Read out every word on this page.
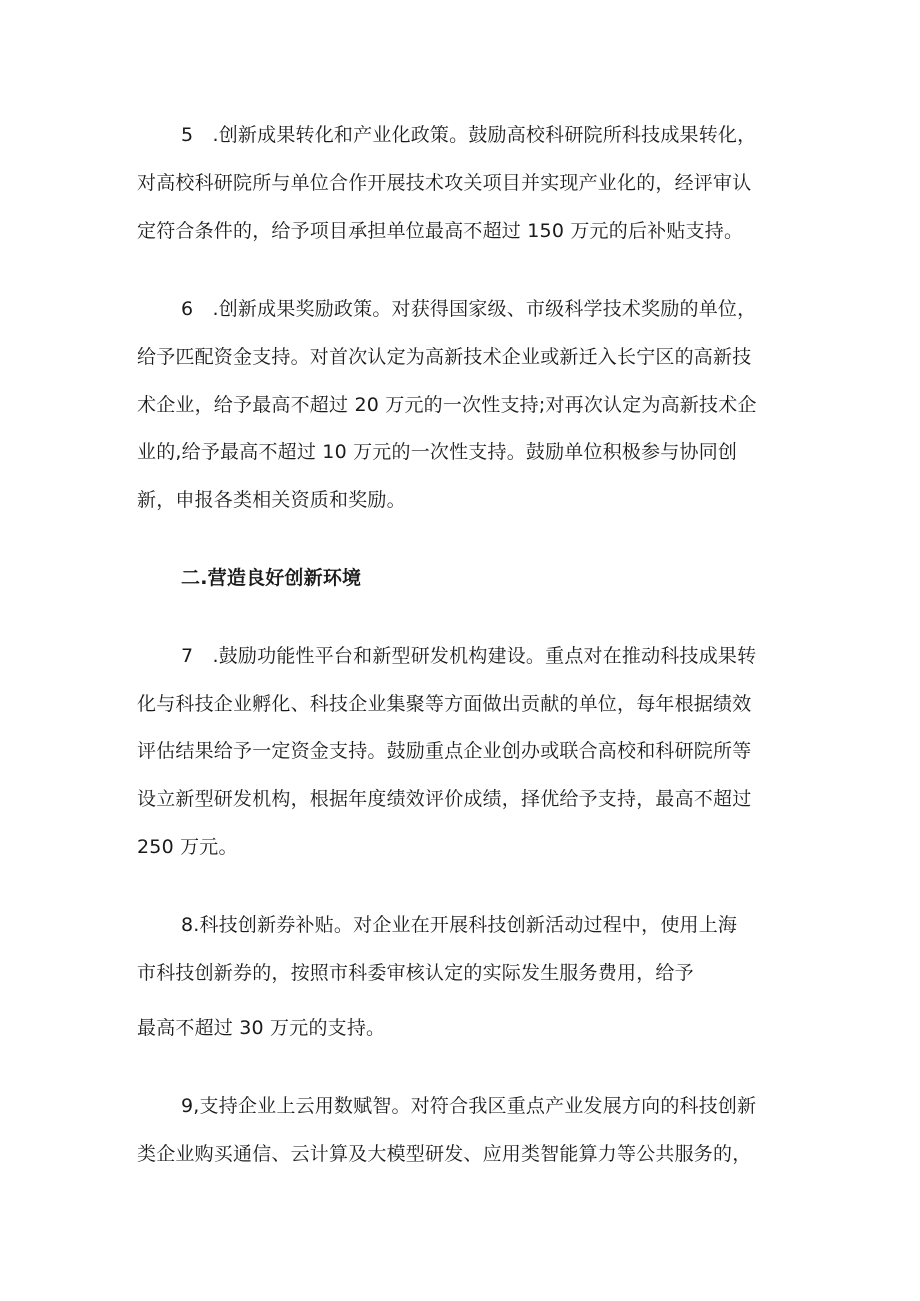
5　.创新成果转化和产业化政策。鼓励高校科研院所科技成果转化，
对高校科研院所与单位合作开展技术攻关项目并实现产业化的，经评审认
定符合条件的，给予项目承担单位最高不超过 150 万元的后补贴支持。
6　.创新成果奖励政策。对获得国家级、市级科学技术奖励的单位，
给予匹配资金支持。对首次认定为高新技术企业或新迁入长宁区的高新技
术企业，给予最高不超过 20 万元的一次性支持;对再次认定为高新技术企
业的,给予最高不超过 10 万元的一次性支持。鼓励单位积极参与协同创
新，申报各类相关资质和奖励。
二.营造良好创新环境
7　.鼓励功能性平台和新型研发机构建设。重点对在推动科技成果转
化与科技企业孵化、科技企业集聚等方面做出贡献的单位，每年根据绩效
评估结果给予一定资金支持。鼓励重点企业创办或联合高校和科研院所等
设立新型研发机构，根据年度绩效评价成绩，择优给予支持，最高不超过
250 万元。
8.科技创新券补贴。对企业在开展科技创新活动过程中，使用上海
市科技创新券的，按照市科委审核认定的实际发生服务费用，给予
最高不超过 30 万元的支持。
9,支持企业上云用数赋智。对符合我区重点产业发展方向的科技创新
类企业购买通信、云计算及大模型研发、应用类智能算力等公共服务的，
